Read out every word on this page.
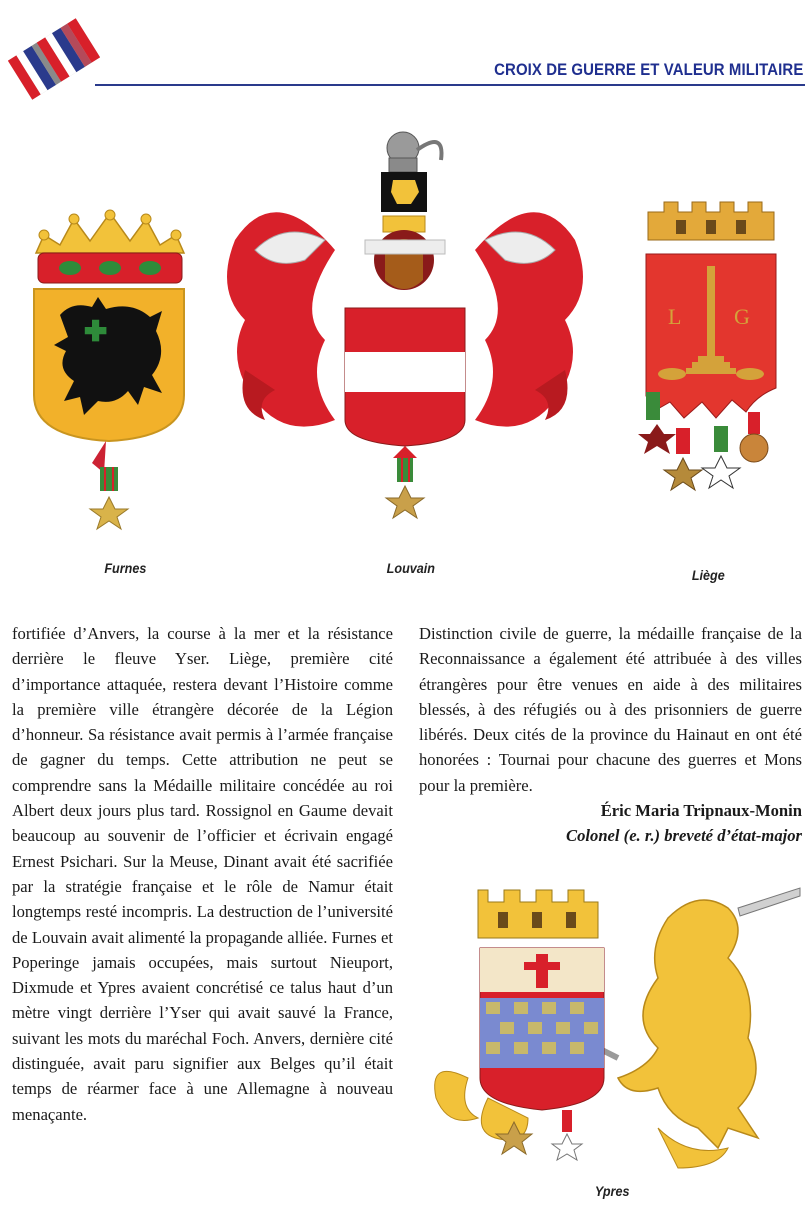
CROIX DE GUERRE ET VALEUR MILITAIRE
Furnes	Louvain
L G
Liège

fortifiée d’Anvers, la course à la mer et la résistance derrière le fleuve Yser. Liège, première cité d’importance attaquée, restera devant l’Histoire comme la première ville étrangère décorée de la Légion d’honneur. Sa résistance avait permis à l’armée française de gagner du temps. Cette attribution ne peut se comprendre sans la Médaille militaire concédée au roi Albert deux jours plus tard. Rossignol en Gaume devait beaucoup au souvenir de l’officier et écrivain engagé Ernest Psichari. Sur la Meuse, Dinant avait été sacrifiée par la stratégie française et le rôle de Namur était longtemps resté incompris. La destruction de l’université de Louvain avait alimenté la propagande alliée. Furnes et Poperinge jamais occupées, mais surtout Nieuport, Dixmude et Ypres avaient concrétisé ce talus haut d’un mètre vingt derrière l’Yser qui avait sauvé la France, suivant les mots du maréchal Foch. Anvers, dernière cité distinguée, avait paru signifier aux Belges qu’il était temps de réarmer face à une Allemagne à nouveau menaçante.

Distinction civile de guerre, la médaille française de la Reconnaissance a également été attribuée à des villes étrangères pour être venues en aide à des militaires blessés, à des réfugiés ou à des prisonniers de guerre libérés. Deux cités de la province du Hainaut en ont été honorées : Tournai pour chacune des guerres et Mons pour la première.

Éric Maria Tripnaux-Monin
Colonel (e. r.) breveté d’état-major
Ypres
